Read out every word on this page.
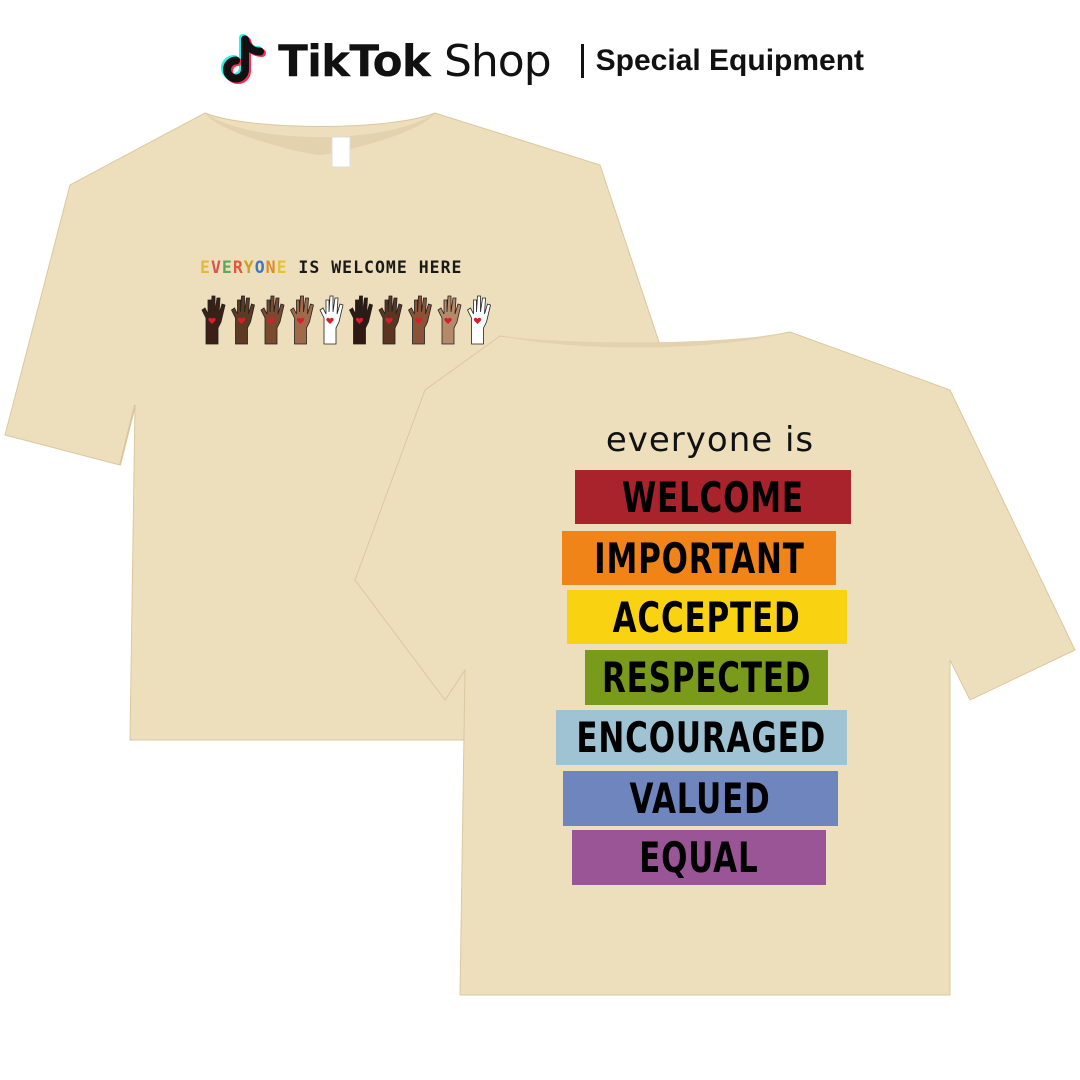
TikTok Shop Special Equipment
EVERYONE IS WELCOME HERE
everyone is
WELCOME
IMPORTANT
ACCEPTED
RESPECTED
ENCOURAGED
VALUED
EQUAL
